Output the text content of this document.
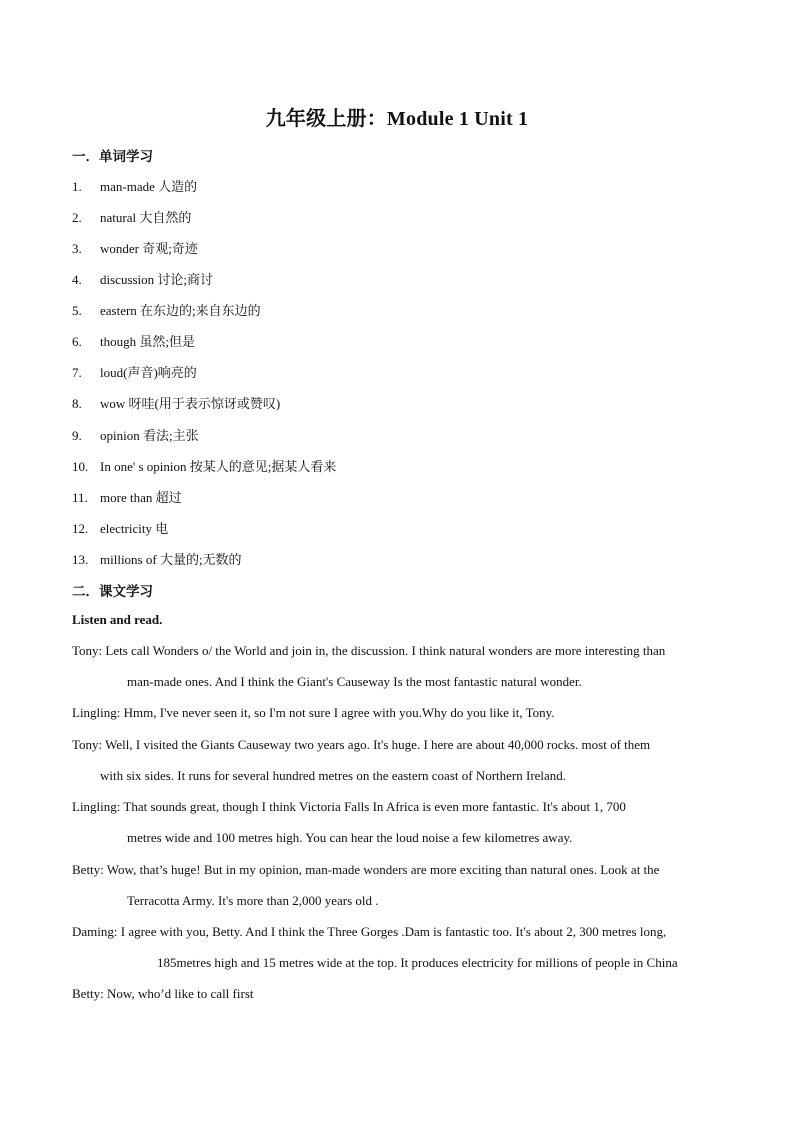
九年级上册：Module 1 Unit 1
一．单词学习
1. man-made 人造的
2. natural 大自然的
3. wonder 奇观;奇迹
4. discussion 讨论;商讨
5. eastern 在东边的;来自东边的
6. though 虽然;但是
7. loud(声音)响亮的
8. wow 呀哇(用于表示惊讶或赞叹)
9. opinion 看法;主张
10. In one' s opinion 按某人的意见;据某人看来
11. more than 超过
12. electricity 电
13. millions of 大量的;无数的
二．课文学习
Listen and read.
Tony: Lets call Wonders o/ the World and join in, the discussion. I think natural wonders are more interesting than
man-made ones. And I think the Giant's Causeway Is the most fantastic natural wonder.
Lingling: Hmm, I've never seen it, so I'm not sure I agree with you.Why do you like it, Tony.
Tony: Well, I visited the Giants Causeway two years ago. It's huge. I here are about 40,000 rocks. most of them
with six sides. It runs for several hundred metres on the eastern coast of Northern Ireland.
Lingling: That sounds great, though I think Victoria Falls In Africa is even more fantastic. It's about 1, 700
metres wide and 100 metres high. You can hear the loud noise a few kilometres away.
Betty: Wow, that’s huge! But in my opinion, man-made wonders are more exciting than natural ones. Look at the
Terracotta Army. It's more than 2,000 years old .
Daming: I agree with you, Betty. And I think the Three Gorges .Dam is fantastic too. It's about 2, 300 metres long,
185metres high and 15 metres wide at the top. It produces electricity for millions of people in China
Betty: Now, who’d like to call first
